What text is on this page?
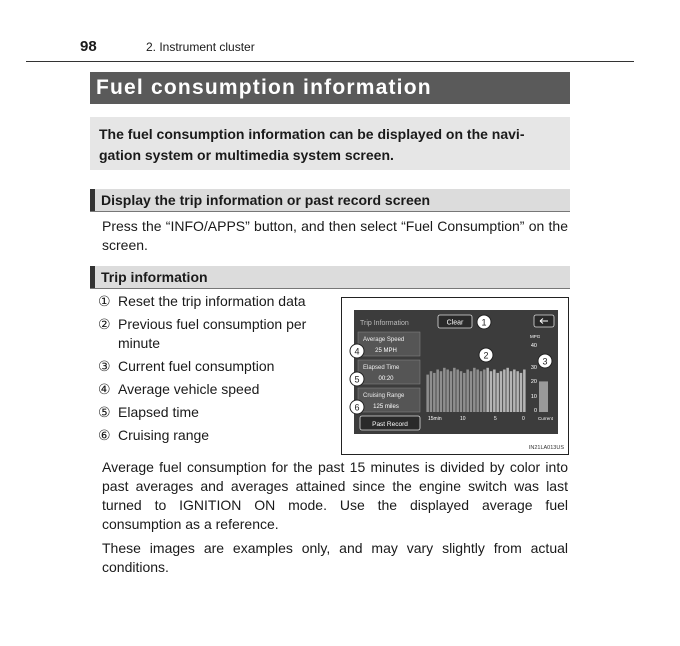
98	2. Instrument cluster
Fuel consumption information
The fuel consumption information can be displayed on the navi-gation system or multimedia system screen.
Display the trip information or past record screen
Press the “INFO/APPS” button, and then select “Fuel Consumption” on the screen.
Trip information
① Reset the trip information data
② Previous fuel consumption per minute
③ Current fuel consumption
④ Average vehicle speed
⑤ Elapsed time
⑥ Cruising range
Trip Information	Clear
Average Speed
25 MPH
Elapsed Time
00:20
Cruising Range
125 miles
Past Record
MPG
40
30
20
10
0
15min	10	5	0	Current
1
2
3
4
5
6
IN21LA013US
Average fuel consumption for the past 15 minutes is divided by color into past averages and averages attained since the engine switch was last turned to IGNITION ON mode. Use the displayed average fuel consumption as a reference.
These images are examples only, and may vary slightly from actual conditions.
